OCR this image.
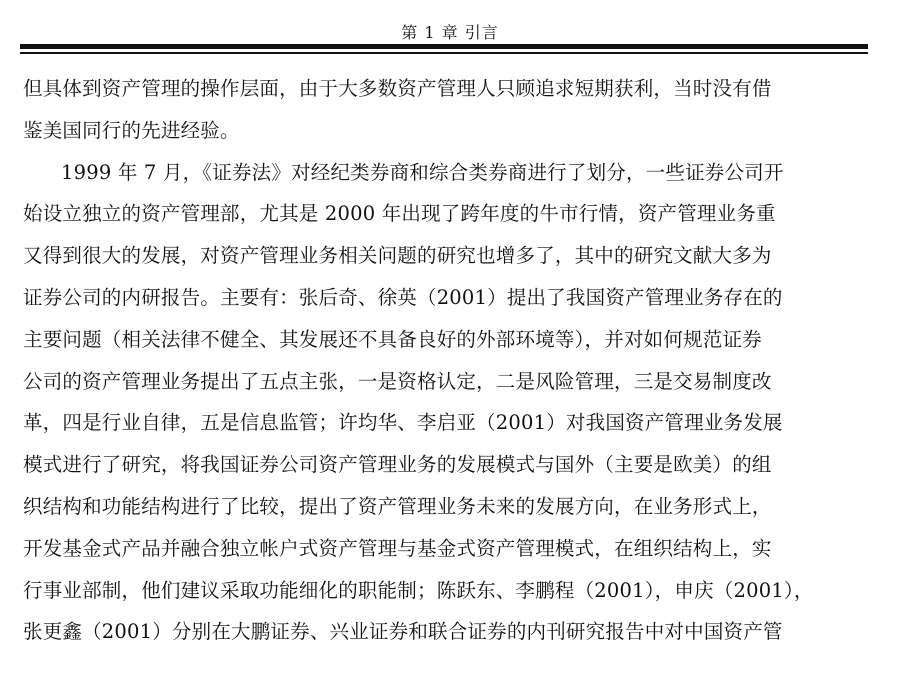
第 1 章 引言
但具体到资产管理的操作层面，由于大多数资产管理人只顾追求短期获利，当时没有借
鉴美国同行的先进经验。
1999 年 7 月，《证券法》对经纪类券商和综合类券商进行了划分，一些证券公司开
始设立独立的资产管理部，尤其是 2000 年出现了跨年度的牛市行情，资产管理业务重
又得到很大的发展，对资产管理业务相关问题的研究也增多了，其中的研究文献大多为
证券公司的内研报告。主要有：张后奇、徐英（2001）提出了我国资产管理业务存在的
主要问题（相关法律不健全、其发展还不具备良好的外部环境等），并对如何规范证券
公司的资产管理业务提出了五点主张，一是资格认定，二是风险管理，三是交易制度改
革，四是行业自律，五是信息监管；许均华、李启亚（2001）对我国资产管理业务发展
模式进行了研究，将我国证券公司资产管理业务的发展模式与国外（主要是欧美）的组
织结构和功能结构进行了比较，提出了资产管理业务未来的发展方向，在业务形式上，
开发基金式产品并融合独立帐户式资产管理与基金式资产管理模式，在组织结构上，实
行事业部制，他们建议采取功能细化的职能制；陈跃东、李鹏程（2001），申庆（2001），
张更鑫（2001）分别在大鹏证券、兴业证券和联合证券的内刊研究报告中对中国资产管
